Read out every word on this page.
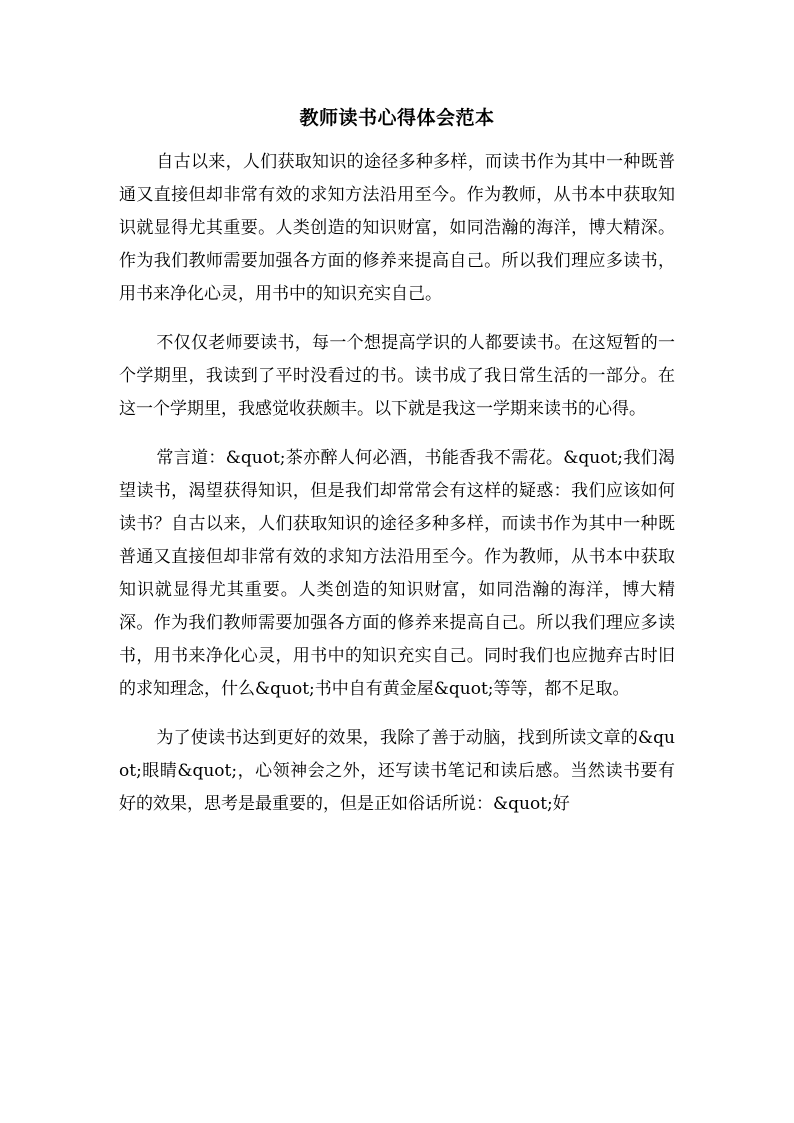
教师读书心得体会范本

自古以来，人们获取知识的途径多种多样，而读书作为其中一种既普通又直接但却非常有效的求知方法沿用至今。作为教师，从书本中获取知识就显得尤其重要。人类创造的知识财富，如同浩瀚的海洋，博大精深。作为我们教师需要加强各方面的修养来提高自己。所以我们理应多读书，用书来净化心灵，用书中的知识充实自己。

不仅仅老师要读书，每一个想提高学识的人都要读书。在这短暂的一个学期里，我读到了平时没看过的书。读书成了我日常生活的一部分。在这一个学期里，我感觉收获颇丰。以下就是我这一学期来读书的心得。

常言道：&quot;茶亦醉人何必酒，书能香我不需花。&quot;我们渴望读书，渴望获得知识，但是我们却常常会有这样的疑惑：我们应该如何读书？自古以来，人们获取知识的途径多种多样，而读书作为其中一种既普通又直接但却非常有效的求知方法沿用至今。作为教师，从书本中获取知识就显得尤其重要。人类创造的知识财富，如同浩瀚的海洋，博大精深。作为我们教师需要加强各方面的修养来提高自己。所以我们理应多读书，用书来净化心灵，用书中的知识充实自己。同时我们也应抛弃古时旧的求知理念，什么&quot;书中自有黄金屋&quot;等等，都不足取。

为了使读书达到更好的效果，我除了善于动脑，找到所读文章的&quot;眼睛&quot;，心领神会之外，还写读书笔记和读后感。当然读书要有好的效果，思考是最重要的，但是正如俗话所说：&quot;好
